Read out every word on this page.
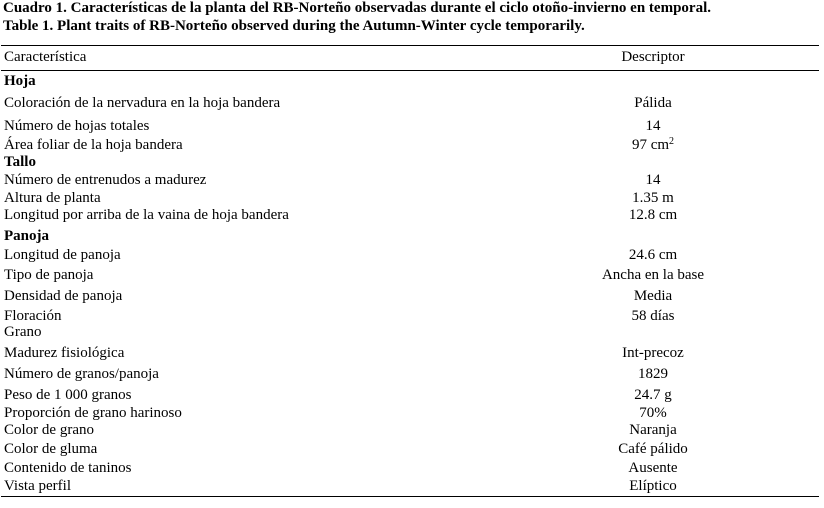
Cuadro 1. Características de la planta del RB-Norteño observadas durante el ciclo otoño-invierno en temporal.
Table 1. Plant traits of RB-Norteño observed during the Autumn-Winter cycle temporarily.
Característica	Descriptor
Hoja
Coloración de la nervadura en la hoja bandera	Pálida
Número de hojas totales	14
Área foliar de la hoja bandera	97 $cm^2$
Tallo
Número de entrenudos a madurez	14
Altura de planta	1.35 m
Longitud por arriba de la vaina de hoja bandera	12.8 cm
Panoja
Longitud de panoja	24.6 cm
Tipo de panoja	Ancha en la base
Densidad de panoja	Media
Floración	58 días
Grano
Madurez fisiológica	Int-precoz
Número de granos/panoja	1829
Peso de 1 000 granos	24.7 g
Proporción de grano harinoso	70%
Color de grano	Naranja
Color de gluma	Café pálido
Contenido de taninos	Ausente
Vista perfil	Elíptico
